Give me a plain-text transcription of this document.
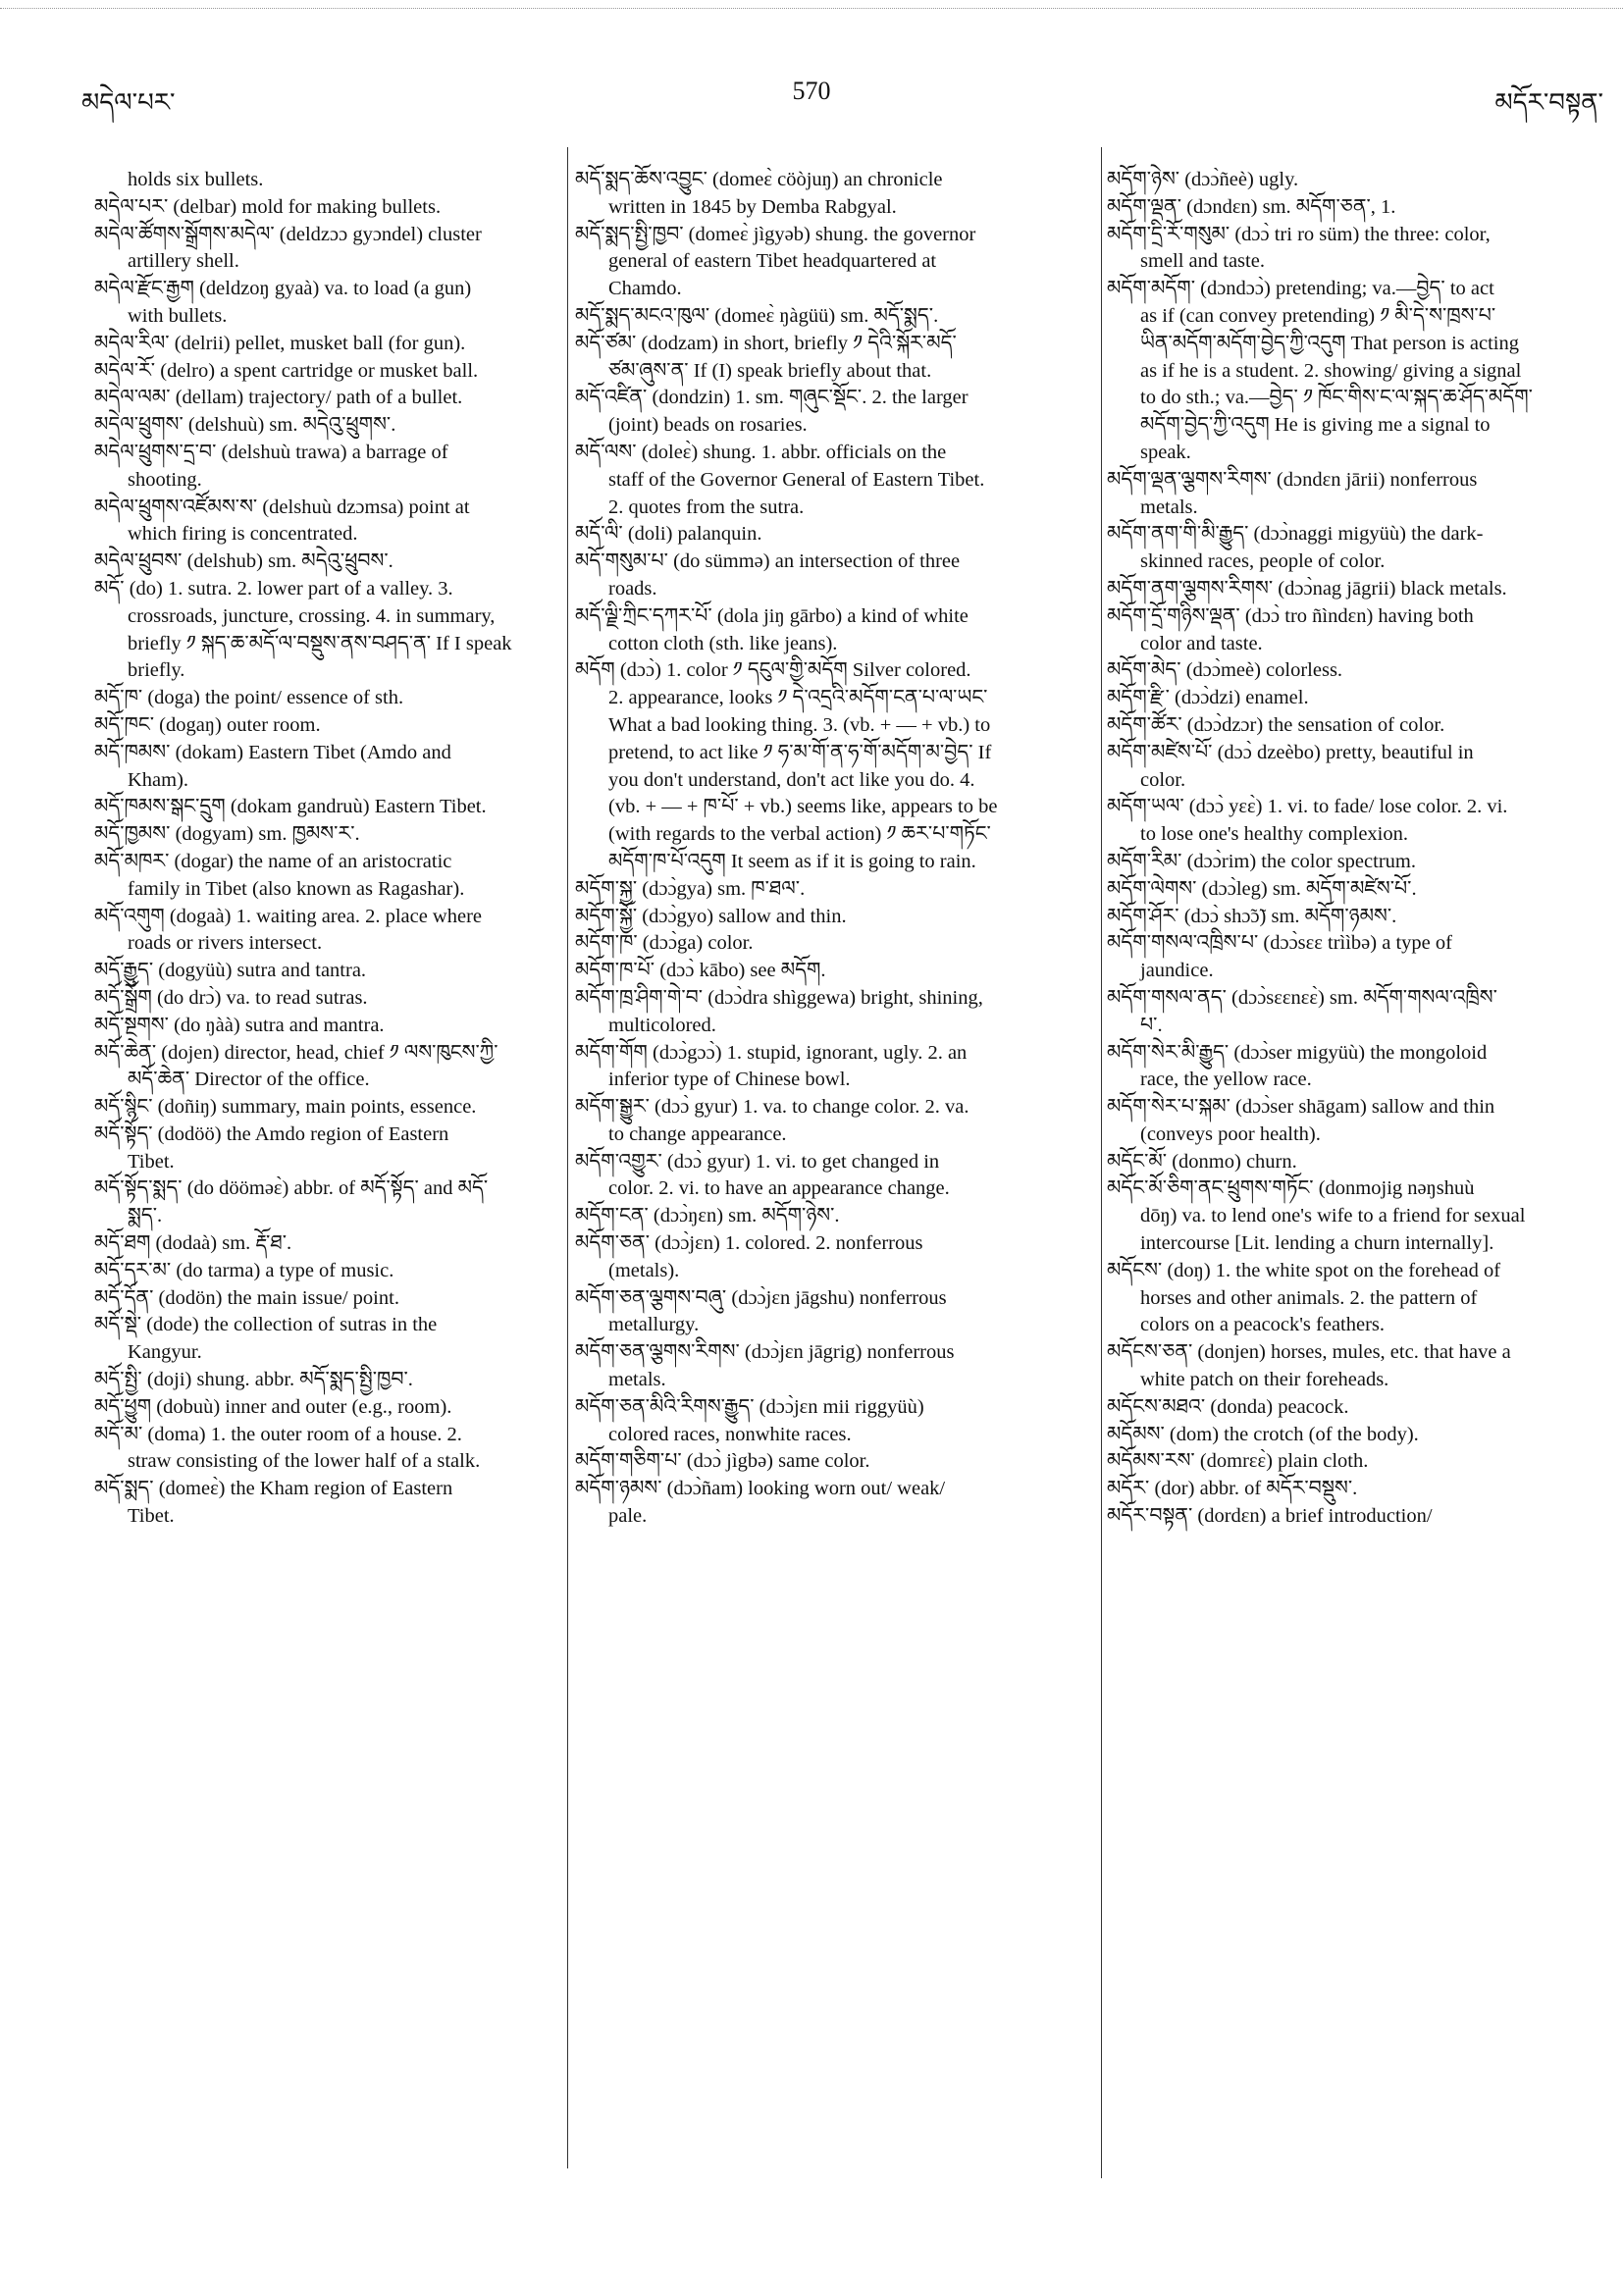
མདེལ་པར་	570	མདོར་བསྟན་
holds six bullets.
མདེལ་པར་ (delbar) mold for making bullets.
མདེལ་ཚོགས་སྒྲོགས་མདེལ་ (deldzɔɔ gyɔndel) cluster
artillery shell.
མདེལ་རྫོང་རྒྱག (deldzoŋ gyaà) va. to load (a gun)
with bullets.
མདེལ་རིལ་ (delrii) pellet, musket ball (for gun).
མདེལ་རོ་ (delro) a spent cartridge or musket ball.
མདེལ་ལམ་ (dellam) trajectory/ path of a bullet.
མདེལ་ཕྲུགས་ (delshuù) sm. མདེའུ་ཕྲུགས་.
མདེལ་ཕྲུགས་དྲ་བ་ (delshuù trawa) a barrage of
shooting.
མདེལ་ཕྲུགས་འཛོམས་ས་ (delshuù dzɔmsa) point at
which firing is concentrated.
མདེལ་ཕྲུབས་ (delshub) sm. མདེའུ་ཕྲུབས་.
མདོ་ (do) 1. sutra. 2. lower part of a valley. 3.
crossroads, juncture, crossing. 4. in summary,
briefly ༡ སྐད་ཆ་མདོ་ལ་བསྡུས་ནས་བཤད་ན་ If I speak
briefly.
མདོ་ཁ་ (doga) the point/ essence of sth.
མདོ་ཁང་ (dogaŋ) outer room.
མདོ་ཁམས་ (dokam) Eastern Tibet (Amdo and
Kham).
མདོ་ཁམས་སྒང་དྲུག (dokam gandruù) Eastern Tibet.
མདོ་ཁྱམས་ (dogyam) sm. ཁྱམས་ར་.
མདོ་མཁར་ (dogar) the name of an aristocratic
family in Tibet (also known as Ragashar).
མདོ་འགུག (dogaà) 1. waiting area. 2. place where
roads or rivers intersect.
མདོ་རྒྱུད་ (dogyüù) sutra and tantra.
མདོ་སྒྲོག (do drɔ̀) va. to read sutras.
མདོ་སྔགས་ (do ŋàà) sutra and mantra.
མདོ་ཆེན་ (dojen) director, head, chief ༡ ལས་ཁུངས་ཀྱི་
མདོ་ཆེན་ Director of the office.
མདོ་སྙིང་ (doñiŋ) summary, main points, essence.
མདོ་སྟོད་ (dodöö) the Amdo region of Eastern
Tibet.
མདོ་སྟོད་སྨད་ (do dööməɛ̀) abbr. of མདོ་སྟོད་ and མདོ་
སྨད་.
མདོ་ཐག (dodaà) sm. རྡོ་ཐ་.
མདོ་དར་མ་ (do tarma) a type of music.
མདོ་དོན་ (dodön) the main issue/ point.
མདོ་སྡེ་ (dode) the collection of sutras in the
Kangyur.
མདོ་སྤྱི་ (doji) shung. abbr. མདོ་སྨད་སྤྱི་ཁྱབ་.
མདོ་ཕྱུག (dobuù) inner and outer (e.g., room).
མདོ་མ་ (doma) 1. the outer room of a house. 2.
straw consisting of the lower half of a stalk.
མདོ་སྨད་ (domeɛ̀) the Kham region of Eastern
Tibet.
མདོ་སྨད་ཆོས་འབྱུང་ (domeɛ̀ cöòjuŋ) an chronicle
written in 1845 by Demba Rabgyal.
མདོ་སྨད་སྤྱི་ཁྱབ་ (domeɛ̀ jìgyəb) shung. the governor
general of eastern Tibet headquartered at
Chamdo.
མདོ་སྨད་མངའ་ཁུལ་ (domeɛ̀ ŋàgüü) sm. མདོ་སྨད་.
མདོ་ཙམ་ (dodzam) in short, briefly ༡ དེའི་སྐོར་མདོ་
ཙམ་ཞུས་ན་ If (I) speak briefly about that.
མདོ་འཛིན་ (dondzin) 1. sm. གཞུང་སྡོང་. 2. the larger
(joint) beads on rosaries.
མདོ་ལས་ (doleɛ̀) shung. 1. abbr. officials on the
staff of the Governor General of Eastern Tibet.
2. quotes from the sutra.
མདོ་ལི་ (doli) palanquin.
མདོ་གསུམ་པ་ (do sümmə) an intersection of three
roads.
མདོ་ལྗི་ཀྲིང་དཀར་པོ་ (dola jiŋ gārbo) a kind of white
cotton cloth (sth. like jeans).
མདོག (dɔɔ̀) 1. color ༡ དངུལ་གྱི་མདོག Silver colored.
2. appearance, looks ༡ དེ་འདྲའི་མདོག་ངན་པ་ལ་ཡང་
What a bad looking thing. 3. (vb. + — + vb.) to
pretend, to act like ༡ ཧ་མ་གོ་ན་ཧ་གོ་མདོག་མ་བྱེད་ If
you don't understand, don't act like you do. 4.
(vb. + — + ཁ་པོ་ + vb.) seems like, appears to be
(with regards to the verbal action) ༡ ཆར་པ་གཏོང་
མདོག་ཁ་པོ་འདུག It seem as if it is going to rain.
མདོག་སྐྱ་ (dɔɔ̀gya) sm. ཁ་ཐལ་.
མདོག་སྐྱོ་ (dɔɔ̀gyo) sallow and thin.
མདོག་ཁ་ (dɔɔ̀ga) color.
མདོག་ཁ་པོ་ (dɔɔ̀ kābo) see མདོག.
མདོག་ཁྲ་ཤིག་གེ་བ་ (dɔɔ̀dra shìggewa) bright, shining,
multicolored.
མདོག་གོག (dɔɔ̀gɔɔ̀) 1. stupid, ignorant, ugly. 2. an
inferior type of Chinese bowl.
མདོག་སྒྱུར་ (dɔɔ̀ gyur) 1. va. to change color. 2. va.
to change appearance.
མདོག་འགྱུར་ (dɔɔ̀ gyur) 1. vi. to get changed in
color. 2. vi. to have an appearance change.
མདོག་ངན་ (dɔɔ̀ŋɛn) sm. མདོག་ཉེས་.
མདོག་ཅན་ (dɔɔ̀jɛn) 1. colored. 2. nonferrous
(metals).
མདོག་ཅན་ལྕགས་བཞུ་ (dɔɔ̀jɛn jāgshu) nonferrous
metallurgy.
མདོག་ཅན་ལྕགས་རིགས་ (dɔɔ̀jɛn jāgrig) nonferrous
metals.
མདོག་ཅན་མིའི་རིགས་རྒྱུད་ (dɔɔ̀jɛn mii riggyüù)
colored races, nonwhite races.
མདོག་གཅིག་པ་ (dɔɔ̀ jìgbə) same color.
མདོག་ཉམས་ (dɔɔ̀ñam) looking worn out/ weak/
pale.
མདོག་ཉེས་ (dɔɔ̀ñeè) ugly.
མདོག་ལྡན་ (dɔndɛn) sm. མདོག་ཅན་, 1.
མདོག་དྲི་རོ་གསུམ་ (dɔɔ̀ tri ro süm) the three: color,
smell and taste.
མདོག་མདོག་ (dɔndɔɔ̀) pretending; va.—བྱེད་ to act
as if (can convey pretending) ༡ མི་དེ་ས་ཁྲས་པ་
ཡིན་མདོག་མདོག་བྱེད་ཀྱི་འདུག That person is acting
as if he is a student. 2. showing/ giving a signal
to do sth.; va.—བྱེད་ ༡ ཁོང་གིས་ང་ལ་སྐད་ཆ་ཤོད་མདོག་
མདོག་བྱེད་ཀྱི་འདུག He is giving me a signal to
speak.
མདོག་ལྡན་ལྕགས་རིགས་ (dɔndɛn jārii) nonferrous
metals.
མདོག་ནག་གི་མི་རྒྱུད་ (dɔɔ̀naggi migyüù) the dark-
skinned races, people of color.
མདོག་ནག་ལྕགས་རིགས་ (dɔɔ̀nag jāgrii) black metals.
མདོག་དྲོ་གཉིས་ལྡན་ (dɔɔ̀ tro ñìndɛn) having both
color and taste.
མདོག་མེད་ (dɔɔ̀meè) colorless.
མདོག་རྫི་ (dɔɔ̀dzi) enamel.
མདོག་ཚོར་ (dɔɔ̀dzɔr) the sensation of color.
མདོག་མཛེས་པོ་ (dɔɔ̀ dzeèbo) pretty, beautiful in
color.
མདོག་ཡལ་ (dɔɔ̀ yɛɛ̀) 1. vi. to fade/ lose color. 2. vi.
to lose one's healthy complexion.
མདོག་རིམ་ (dɔɔ̀rim) the color spectrum.
མདོག་ལེགས་ (dɔɔ̀leg) sm. མདོག་མཛེས་པོ་.
མདོག་ཤོར་ (dɔɔ̀ shɔ̃ɔ̃) sm. མདོག་ཉམས་.
མདོག་གསལ་འཁྲིས་པ་ (dɔɔ̀sɛɛ trììbə) a type of
jaundice.
མདོག་གསལ་ནད་ (dɔɔ̀sɛɛnɛɛ̀) sm. མདོག་གསལ་འཁྲིས་
པ་.
མདོག་སེར་མི་རྒྱུད་ (dɔɔ̀ser migyüù) the mongoloid
race, the yellow race.
མདོག་སེར་པ་སྐམ་ (dɔɔ̀ser shāgam) sallow and thin
(conveys poor health).
མདོང་མོ་ (donmo) churn.
མདོང་མོ་ཅིག་ནང་ཕྲུགས་གཏོང་ (donmojig nəŋshuù
dōŋ) va. to lend one's wife to a friend for sexual
intercourse [Lit. lending a churn internally].
མདོངས་ (doŋ) 1. the white spot on the forehead of
horses and other animals. 2. the pattern of
colors on a peacock's feathers.
མདོངས་ཅན་ (donjen) horses, mules, etc. that have a
white patch on their foreheads.
མདོངས་མཐའ་ (donda) peacock.
མདོམས་ (dom) the crotch (of the body).
མདོམས་རས་ (domrɛɛ̀) plain cloth.
མདོར་ (dor) abbr. of མདོར་བསྡུས་.
མདོར་བསྟན་ (dordɛn) a brief introduction/
